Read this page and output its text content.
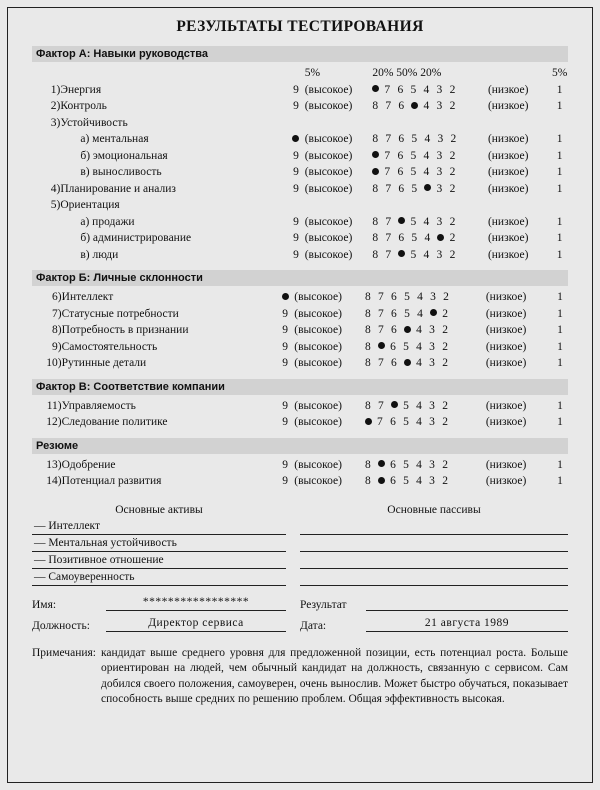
РЕЗУЛЬТАТЫ ТЕСТИРОВАНИЯ
Фактор А: Навыки руководства
			5%	20% 50% 20%		5%
1)	Энергия	9	(высокое)	7 6 5 4 3 2	(низкое)	1
2)	Контроль	9	(высокое)	8 7 6  4 3 2	(низкое)	1
3)	Устойчивость					
	а) ментальная		(высокое)	8 7 6 5 4 3 2	(низкое)	1
	б) эмоциональная	9	(высокое)	7 6 5 4 3 2	(низкое)	1
	в) выносливость	9	(высокое)	7 6 5 4 3 2	(низкое)	1
4)	Планирование и анализ	9	(высокое)	8 7 6 5  3 2	(низкое)	1
5)	Ориентация					
	а) продажи	9	(высокое)	8 7  5 4 3 2	(низкое)	1
	б) администрирование	9	(высокое)	8 7 6 5 4  2	(низкое)	1
	в) люди	9	(высокое)	8 7  5 4 3 2	(низкое)	1
Фактор Б: Личные склонности
6)	Интеллект		(высокое)	8 7 6 5 4 3 2	(низкое)	1
7)	Статусные потребности	9	(высокое)	8 7 6 5 4  2	(низкое)	1
8)	Потребность в признании	9	(высокое)	8 7 6  4 3 2	(низкое)	1
9)	Самостоятельность	9	(высокое)	8  6 5 4 3 2	(низкое)	1
10)	Рутинные детали	9	(высокое)	8 7 6  4 3 2	(низкое)	1
Фактор В: Соответствие компании
11)	Управляемость	9	(высокое)	8 7  5 4 3 2	(низкое)	1
12)	Следование политике	9	(высокое)	7 6 5 4 3 2	(низкое)	1
Резюме
13)	Одобрение	9	(высокое)	8  6 5 4 3 2	(низкое)	1
14)	Потенциал развития	9	(высокое)	8  6 5 4 3 2	(низкое)	1
Основные активы
— Интеллект
— Ментальная устойчивость
— Позитивное отношение
— Самоуверенность
Основные пассивы
Имя:	*****************
Должность:	Директор сервиса
Результат
Дата:	21 августа 1989
Примечания: кандидат выше среднего уровня для предложенной позиции, есть потенциал роста. Больше ориентирован на людей, чем обычный кандидат на должность, связанную с сервисом. Сам добился своего положения, самоуверен, очень вынослив. Может быстро обучаться, показывает способность выше средних по решению проблем. Общая эффективность высокая.
